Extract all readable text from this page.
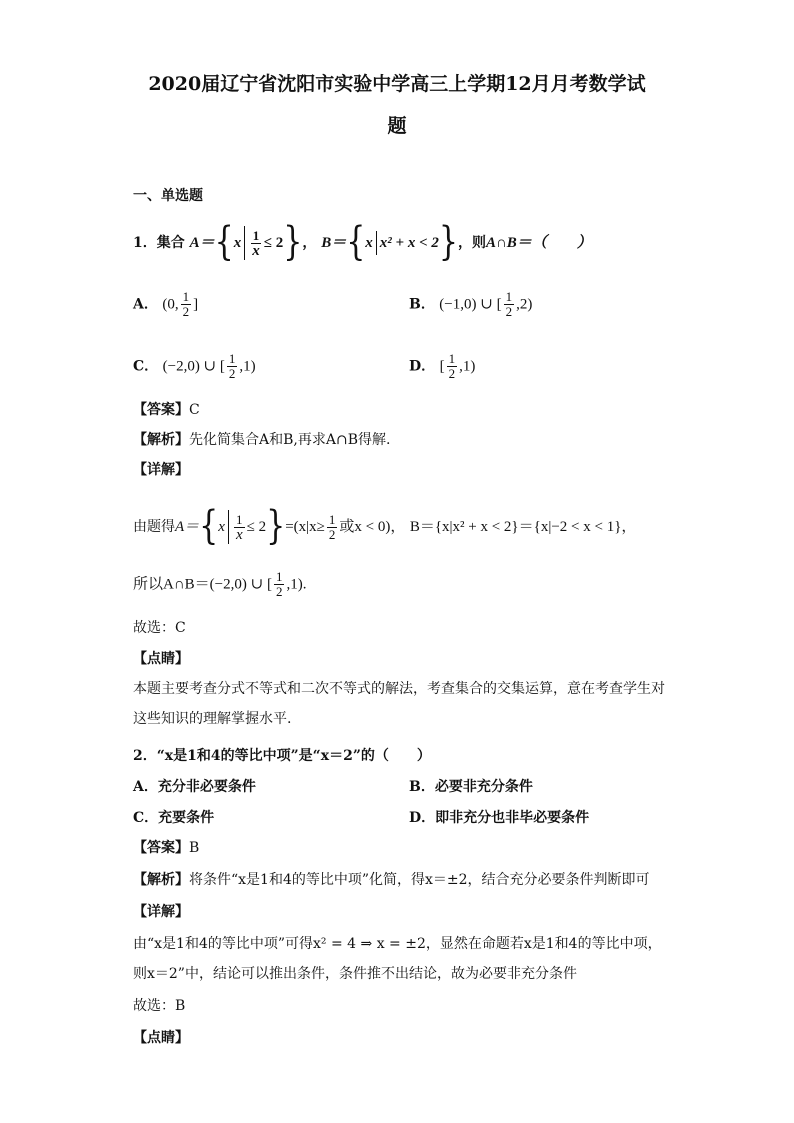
2020届辽宁省沈阳市实验中学高三上学期12月月考数学试
题
一、单选题
1．集合 $A=\{x \frac{1}{x} \le 2\}$， B＝{x x² + x < 2}，则A∩B＝（　　）
A． (0, $\frac{1}{2}$ ]	B． (−1,0) ∪ [ $\frac{1}{2} ,2$)
C． (−2,0) ∪ [ $\frac{1}{2} ,1$)	D． [ $\frac{1}{2} ,1$)
【答案】C
【解析】先化简集合A和B,再求A∩B得解.
【详解】
由题得$A=\{x \frac{1}{x} \le 2\}=(x|x\ge \frac{1}{2}$ 或x < 0)， B＝{x|x² + x < 2}＝{x|−2 < x < 1}，
所以A∩B＝(−2,0) ∪ [ $\frac{1}{2} ,1$).
故选：C
【点睛】
本题主要考查分式不等式和二次不等式的解法，考查集合的交集运算，意在考查学生对
这些知识的理解掌握水平.
2．“x是1和4的等比中项”是“x＝2”的（　　）
A．充分非必要条件	B．必要非充分条件
C．充要条件	D．即非充分也非毕必要条件
【答案】B
【解析】将条件“x是1和4的等比中项”化简，得x＝±2，结合充分必要条件判断即可
【详解】
由“x是1和4的等比中项”可得x² = 4 ⇒ x = ±2，显然在命题若x是1和4的等比中项，
则x＝2”中，结论可以推出条件，条件推不出结论，故为必要非充分条件
故选：B
【点睛】
